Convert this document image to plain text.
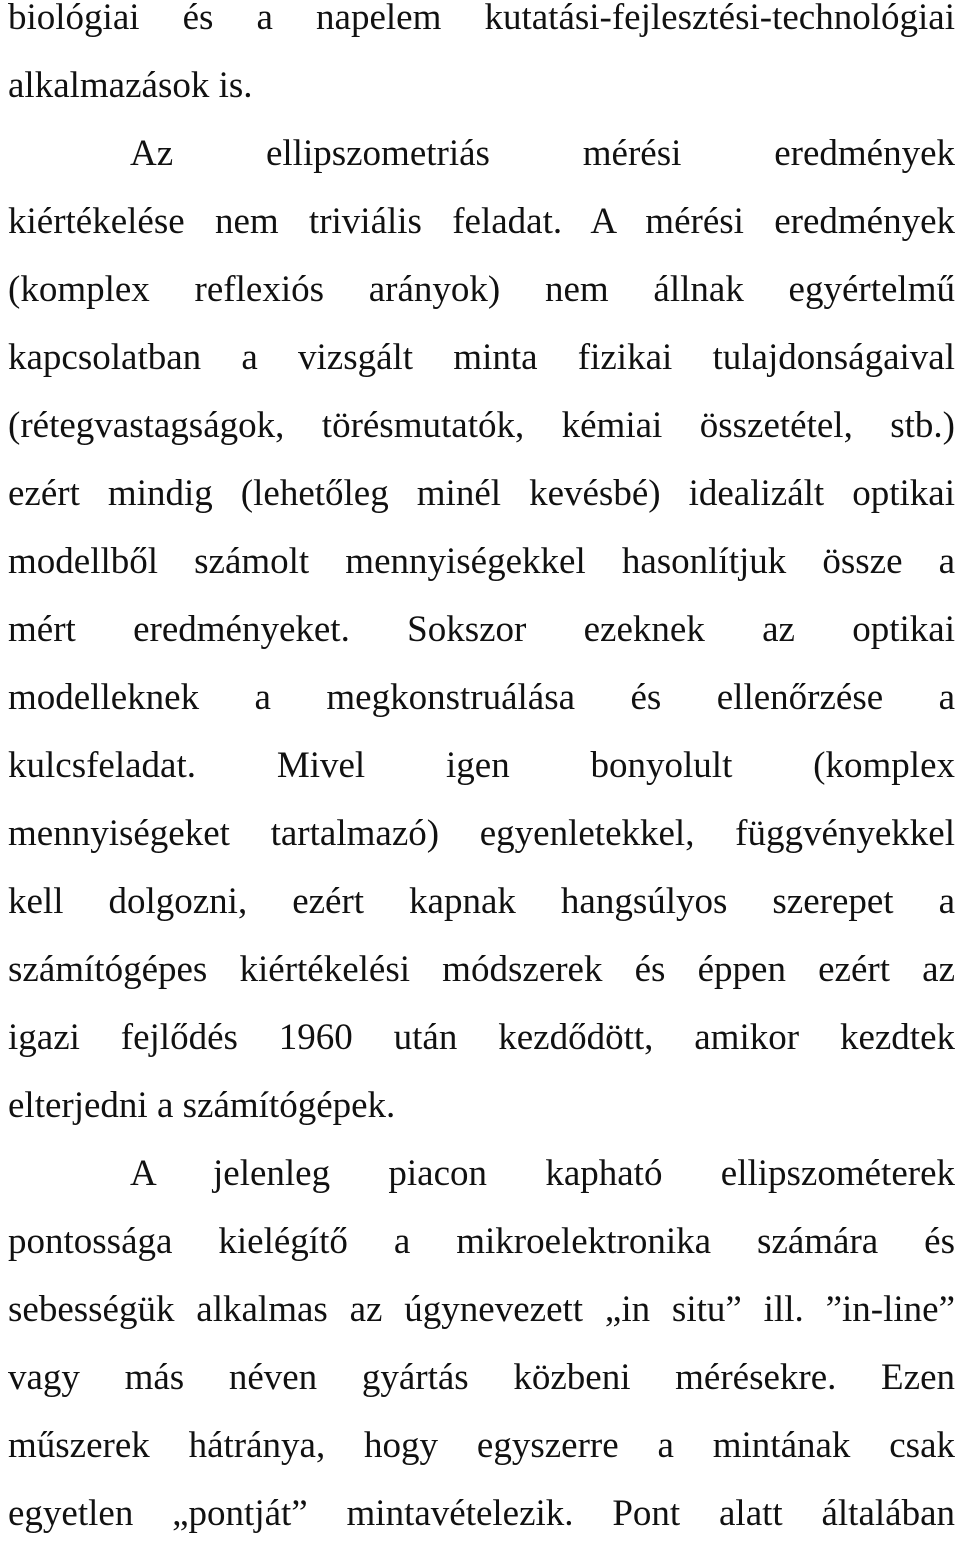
biológiai és a napelem kutatási-fejlesztési-technológiai
alkalmazások is.
Az ellipszometriás mérési eredmények
kiértékelése nem triviális feladat. A mérési eredmények
(komplex reflexiós arányok) nem állnak egyértelmű
kapcsolatban a vizsgált minta fizikai tulajdonságaival
(rétegvastagságok, törésmutatók, kémiai összetétel, stb.)
ezért mindig (lehetőleg minél kevésbé) idealizált optikai
modellből számolt mennyiségekkel hasonlítjuk össze a
mért eredményeket. Sokszor ezeknek az optikai
modelleknek a megkonstruálása és ellenőrzése a
kulcsfeladat. Mivel igen bonyolult (komplex
mennyiségeket tartalmazó) egyenletekkel, függvényekkel
kell dolgozni, ezért kapnak hangsúlyos szerepet a
számítógépes kiértékelési módszerek és éppen ezért az
igazi fejlődés 1960 után kezdődött, amikor kezdtek
elterjedni a számítógépek.
A jelenleg piacon kapható ellipszométerek
pontossága kielégítő a mikroelektronika számára és
sebességük alkalmas az úgynevezett „in situ” ill. ”in-line”
vagy más néven gyártás közbeni mérésekre. Ezen
műszerek hátránya, hogy egyszerre a mintának csak
egyetlen „pontját” mintavételezik. Pont alatt általában
